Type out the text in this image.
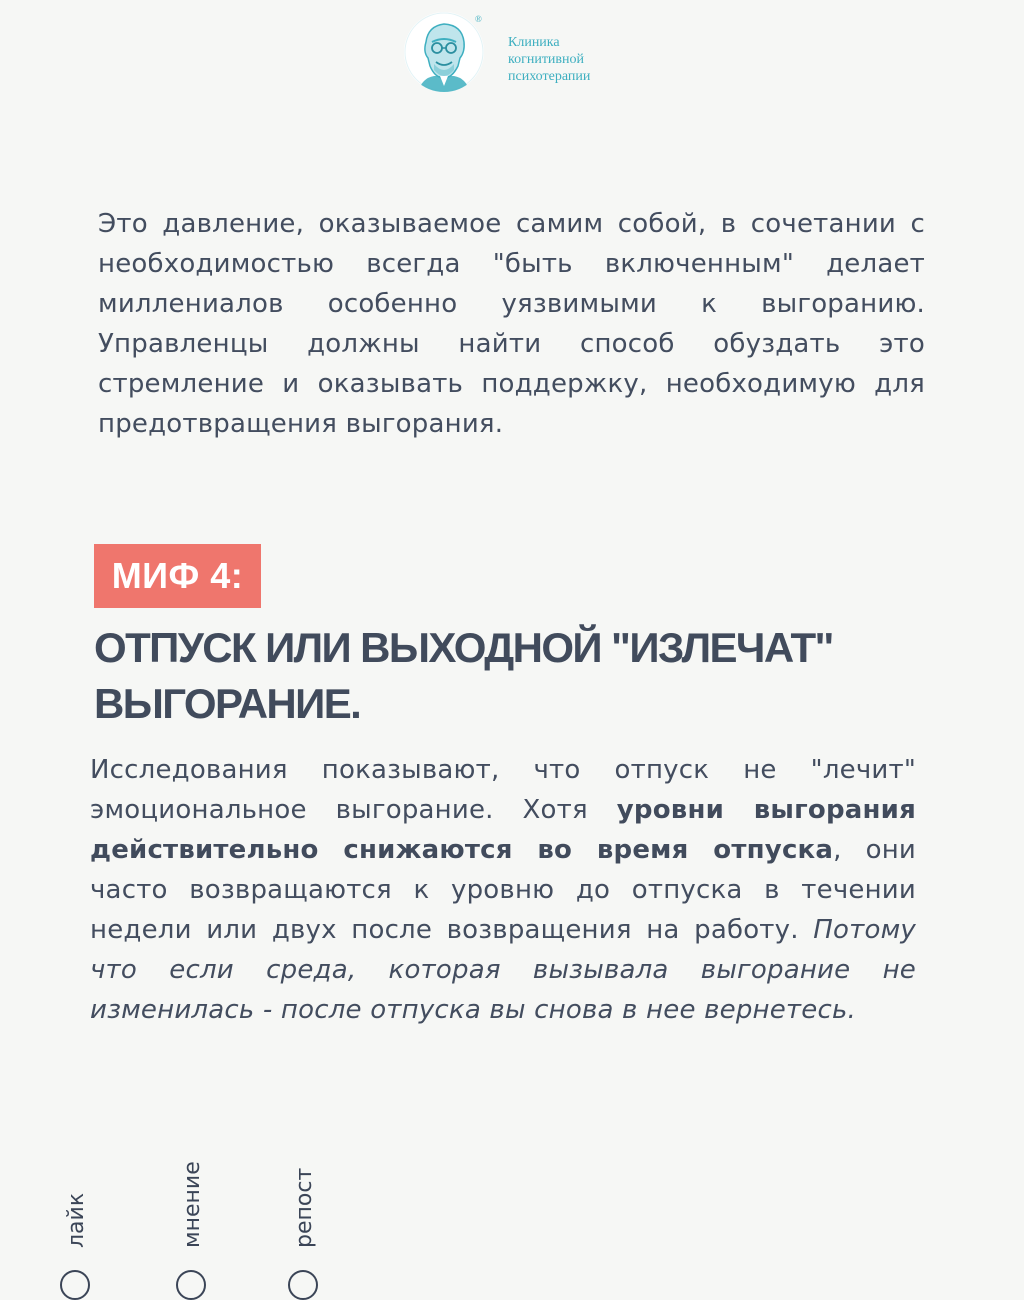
®
Клиника
когнитивной
психотерапии

Это давление, оказываемое самим собой, в сочетании с необходимостью всегда "быть включенным" делает миллениалов особенно уязвимыми к выгоранию. Управленцы должны найти способ обуздать это стремление и оказывать поддержку, необходимую для предотвращения выгорания.

МИФ 4:
ОТПУСК ИЛИ ВЫХОДНОЙ "ИЗЛЕЧАТ" ВЫГОРАНИЕ.

Исследования показывают, что отпуск не "лечит" эмоциональное выгорание. Хотя уровни выгорания действительно снижаются во время отпуска, они часто возвращаются к уровню до отпуска в течении недели или двух после возвращения на работу. Потому что если среда, которая вызывала выгорание не изменилась - после отпуска вы снова в нее вернетесь.

лайк	мнение	репост
